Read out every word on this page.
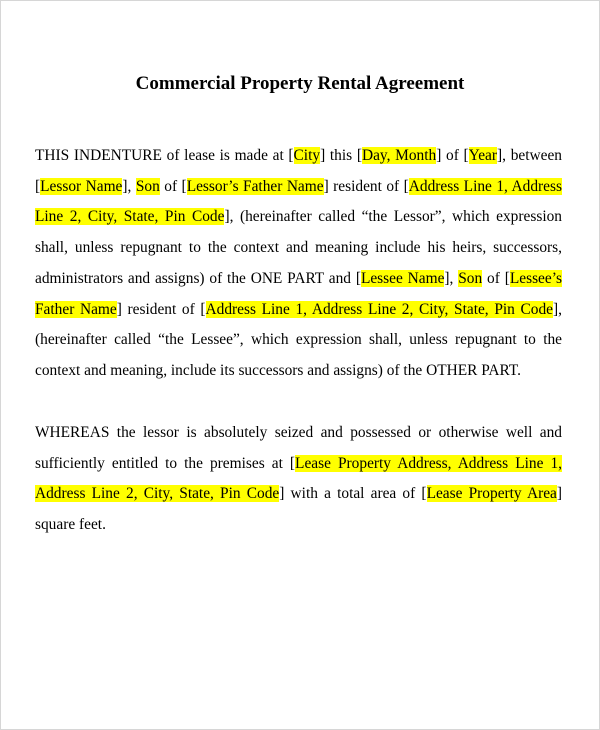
Commercial Property Rental Agreement
THIS INDENTURE of lease is made at [City] this [Day, Month] of [Year], between [Lessor Name], Son of [Lessor’s Father Name] resident of [Address Line 1, Address Line 2, City, State, Pin Code], (hereinafter called “the Lessor”, which expression shall, unless repugnant to the context and meaning include his heirs, successors, administrators and assigns) of the ONE PART and [Lessee Name], Son of [Lessee’s Father Name] resident of [Address Line 1, Address Line 2, City, State, Pin Code], (hereinafter called “the Lessee”, which expression shall, unless repugnant to the context and meaning, include its successors and assigns) of the OTHER PART.
WHEREAS the lessor is absolutely seized and possessed or otherwise well and sufficiently entitled to the premises at [Lease Property Address, Address Line 1, Address Line 2, City, State, Pin Code] with a total area of [Lease Property Area] square feet.
